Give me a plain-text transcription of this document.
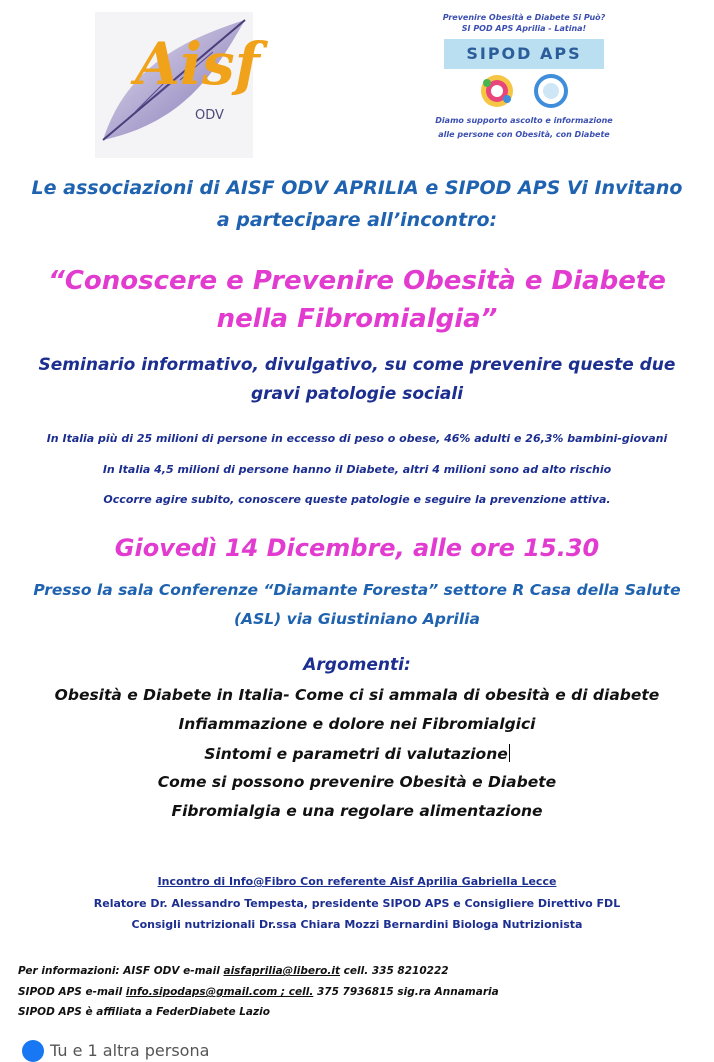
Aisf
ODV
Prevenire Obesità e Diabete Si Può?
SI POD APS Aprilia - Latina!
SIPOD APS

Diamo supporto ascolto e informazione
alle persone con Obesità, con Diabete
Le associazioni di AISF ODV APRILIA e SIPOD APS Vi Invitano
a partecipare all’incontro:
“Conoscere e Prevenire Obesità e Diabete
nella Fibromialgia”
Seminario informativo, divulgativo, su come prevenire queste due
gravi patologie sociali
In Italia più di 25 milioni di persone in eccesso di peso o obese, 46% adulti e 26,3% bambini-giovani
In Italia 4,5 milioni di persone hanno il Diabete, altri 4 milioni sono ad alto rischio
Occorre agire subito, conoscere queste patologie e seguire la prevenzione attiva.
Giovedì 14 Dicembre, alle ore 15.30
Presso la sala Conferenze “Diamante Foresta” settore R Casa della Salute
(ASL) via Giustiniano Aprilia
Argomenti:
Obesità e Diabete in Italia- Come ci si ammala di obesità e di diabete
Infiammazione e dolore nei Fibromialgici
Sintomi e parametri di valutazione
Come si possono prevenire Obesità e Diabete
Fibromialgia e una regolare alimentazione
Incontro di Info@Fibro Con referente Aisf Aprilia Gabriella Lecce
Relatore Dr. Alessandro Tempesta, presidente SIPOD APS e Consigliere Direttivo FDL
Consigli nutrizionali Dr.ssa Chiara Mozzi Bernardini Biologa Nutrizionista
Per informazioni: AISF ODV e-mail aisfaprilia@libero.it cell. 335 8210222
SIPOD APS e-mail info.sipodaps@gmail.com ; cell. 375 7936815 sig.ra Annamaria
SIPOD APS è affiliata a FederDiabete Lazio
Tu e 1 altra persona
